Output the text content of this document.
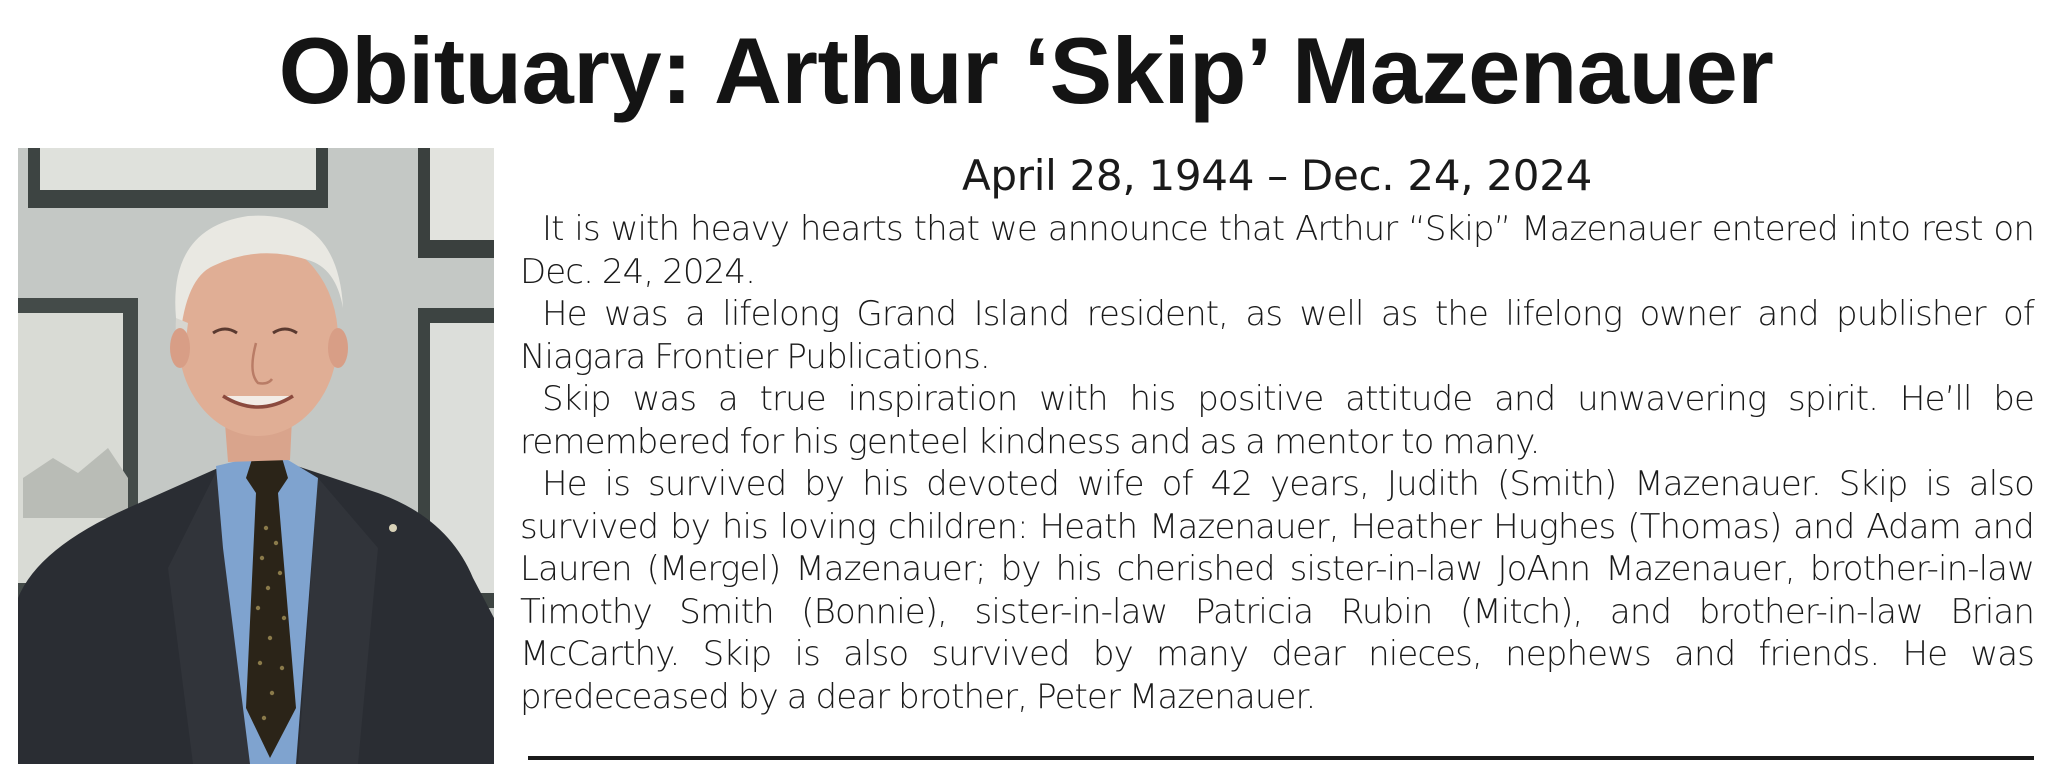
Obituary: Arthur ‘Skip’ Mazenauer
April 28, 1944 – Dec. 24, 2024

It is with heavy hearts that we announce that Arthur “Skip” Mazenauer entered into rest on Dec. 24, 2024.

He was a lifelong Grand Island resident, as well as the lifelong owner and publisher of Niagara Frontier Publications.

Skip was a true inspiration with his positive attitude and unwavering spirit. He’ll be remembered for his genteel kindness and as a mentor to many.

He is survived by his devoted wife of 42 years, Judith (Smith) Mazenauer. Skip is also survived by his loving children: Heath Mazenauer, Heather Hughes (Thomas) and Adam and Lauren (Mergel) Mazenauer; by his cherished sister-in-law JoAnn Mazenauer, brother-in-law Timothy Smith (Bonnie), sister-in-law Patricia Rubin (Mitch), and brother-in-law Brian McCarthy. Skip is also survived by many dear nieces, nephews and friends. He was predeceased by a dear brother, Peter Mazenauer.
